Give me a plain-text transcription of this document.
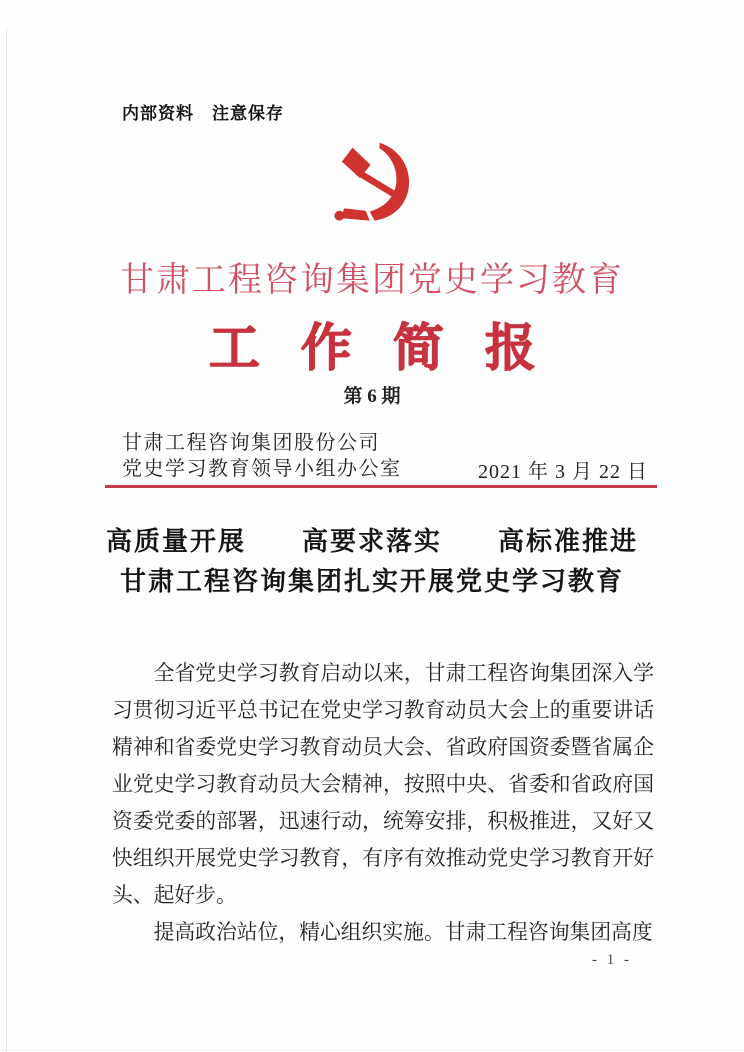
内部资料　注意保存
甘肃工程咨询集团党史学习教育
工作简报
第 6 期
甘肃工程咨询集团股份公司
党史学习教育领导小组办公室	2021 年 3 月 22 日
高质量开展　　高要求落实　　高标准推进
甘肃工程咨询集团扎实开展党史学习教育

全省党史学习教育启动以来，甘肃工程咨询集团深入学习贯彻习近平总书记在党史学习教育动员大会上的重要讲话精神和省委党史学习教育动员大会、省政府国资委暨省属企业党史学习教育动员大会精神，按照中央、省委和省政府国资委党委的部署，迅速行动，统筹安排，积极推进，又好又快组织开展党史学习教育，有序有效推动党史学习教育开好头、起好步。

提高政治站位，精心组织实施。甘肃工程咨询集团高度

- 1 -
